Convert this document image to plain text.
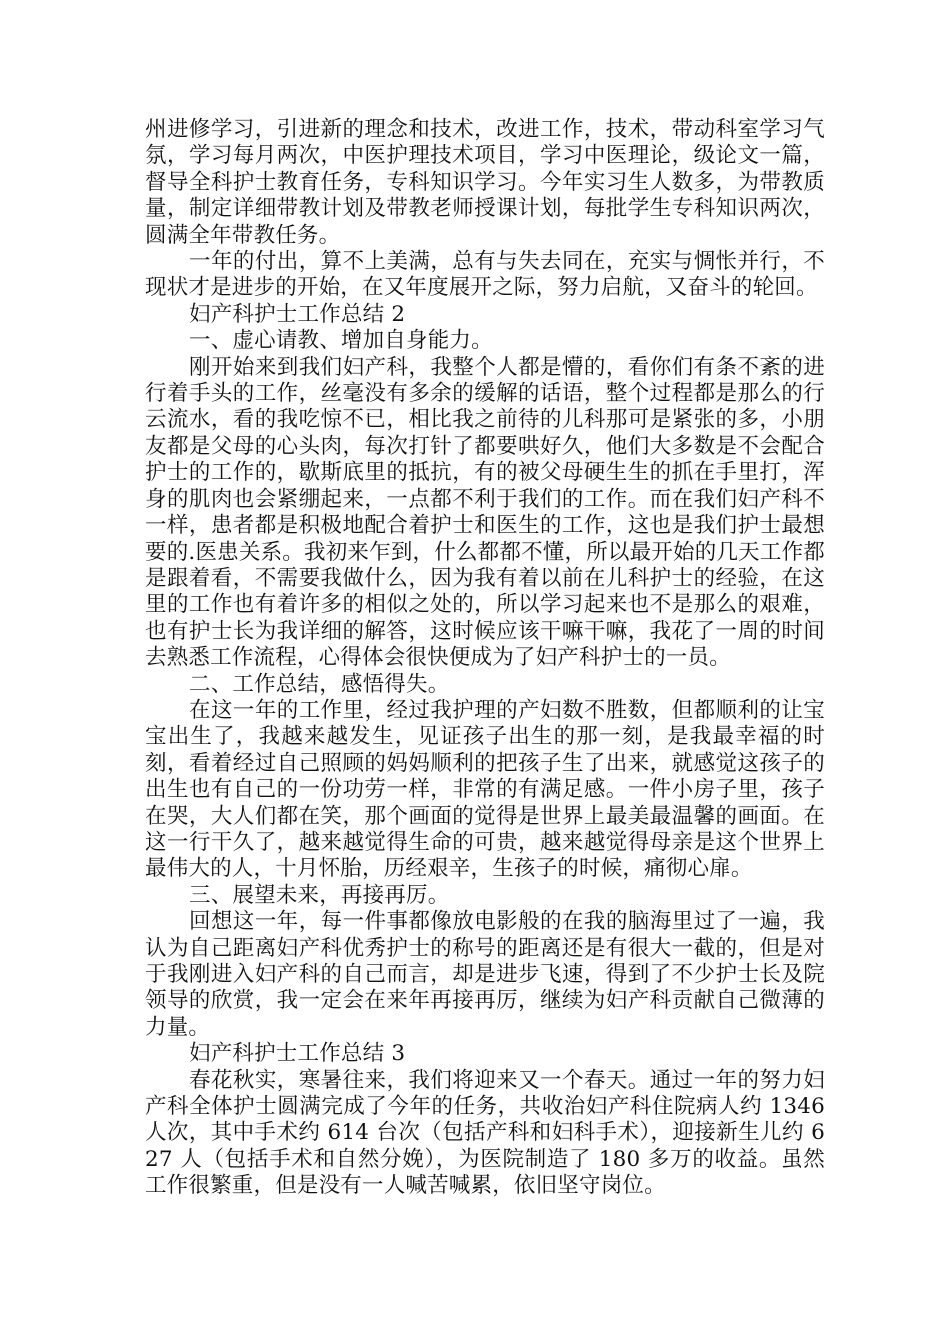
州进修学习，引进新的理念和技术，改进工作，技术，带动科室学习气氛，学习每月两次，中医护理技术项目，学习中医理论，级论文一篇，督导全科护士教育任务，专科知识学习。今年实习生人数多，为带教质量，制定详细带教计划及带教老师授课计划，每批学生专科知识两次，圆满全年带教任务。

一年的付出，算不上美满，总有与失去同在，充实与惆怅并行，不现状才是进步的开始，在又年度展开之际，努力启航，又奋斗的轮回。

妇产科护士工作总结 2

一、虚心请教、增加自身能力。

刚开始来到我们妇产科，我整个人都是懵的，看你们有条不紊的进行着手头的工作，丝毫没有多余的缓解的话语，整个过程都是那么的行云流水，看的我吃惊不已，相比我之前待的儿科那可是紧张的多，小朋友都是父母的心头肉，每次打针了都要哄好久，他们大多数是不会配合护士的工作的，歇斯底里的抵抗，有的被父母硬生生的抓在手里打，浑身的肌肉也会紧绷起来，一点都不利于我们的工作。而在我们妇产科不一样，患者都是积极地配合着护士和医生的工作，这也是我们护士最想要的.医患关系。我初来乍到，什么都都不懂，所以最开始的几天工作都是跟着看，不需要我做什么，因为我有着以前在儿科护士的经验，在这里的工作也有着许多的相似之处的，所以学习起来也不是那么的艰难，也有护士长为我详细的解答，这时候应该干嘛干嘛，我花了一周的时间去熟悉工作流程，心得体会很快便成为了妇产科护士的一员。

二、工作总结，感悟得失。

在这一年的工作里，经过我护理的产妇数不胜数，但都顺利的让宝宝出生了，我越来越发生，见证孩子出生的那一刻，是我最幸福的时刻，看着经过自己照顾的妈妈顺利的把孩子生了出来，就感觉这孩子的出生也有自己的一份功劳一样，非常的有满足感。一件小房子里，孩子在哭，大人们都在笑，那个画面的觉得是世界上最美最温馨的画面。在这一行干久了，越来越觉得生命的可贵，越来越觉得母亲是这个世界上最伟大的人，十月怀胎，历经艰辛，生孩子的时候，痛彻心扉。

三、展望未来，再接再厉。

回想这一年，每一件事都像放电影般的在我的脑海里过了一遍，我认为自己距离妇产科优秀护士的称号的距离还是有很大一截的，但是对于我刚进入妇产科的自己而言，却是进步飞速，得到了不少护士长及院领导的欣赏，我一定会在来年再接再厉，继续为妇产科贡献自己微薄的力量。

妇产科护士工作总结 3

春花秋实，寒暑往来，我们将迎来又一个春天。通过一年的努力妇产科全体护士圆满完成了今年的任务，共收治妇产科住院病人约 1346 人次，其中手术约 614 台次（包括产科和妇科手术），迎接新生儿约 627 人（包括手术和自然分娩），为医院制造了 180 多万的收益。虽然工作很繁重，但是没有一人喊苦喊累，依旧坚守岗位。
